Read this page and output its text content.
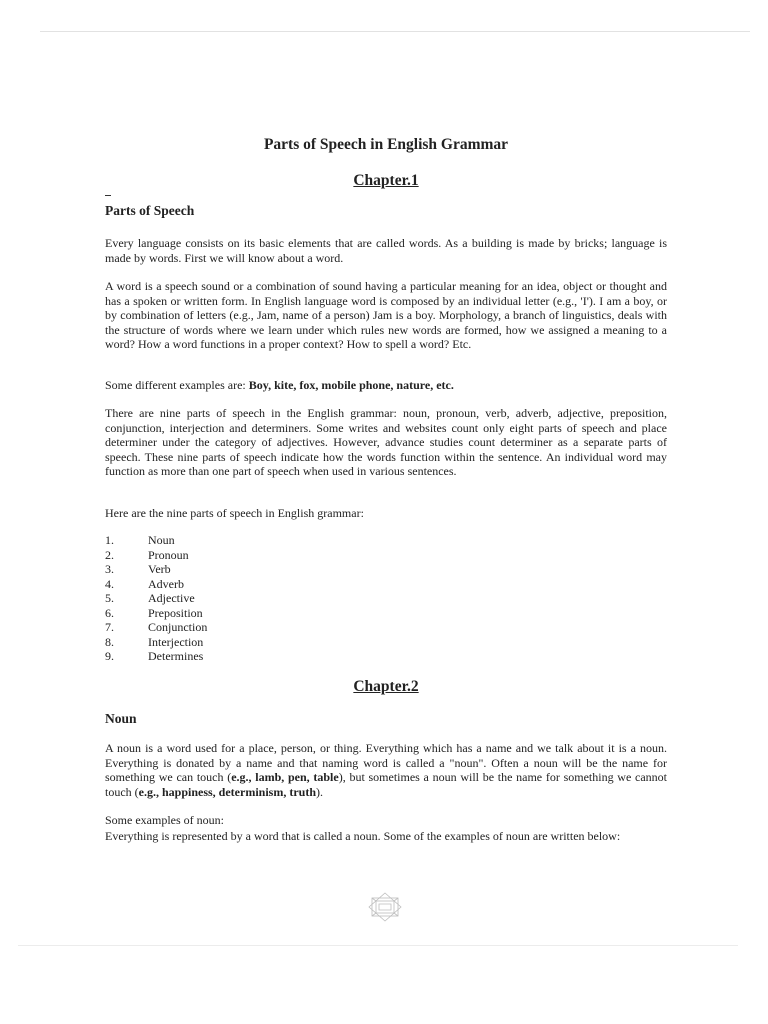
Parts of Speech in English Grammar
Chapter.1
Parts of Speech

Every language consists on its basic elements that are called words. As a building is made by bricks; language is made by words. First we will know about a word.

A word is a speech sound or a combination of sound having a particular meaning for an idea, object or thought and has a spoken or written form. In English language word is composed by an individual letter (e.g., 'I'). I am a boy, or by combination of letters (e.g., Jam, name of a person) Jam is a boy. Morphology, a branch of linguistics, deals with the structure of words where we learn under which rules new words are formed, how we assigned a meaning to a word? How a word functions in a proper context? How to spell a word? Etc.

Some different examples are: Boy, kite, fox, mobile phone, nature, etc.

There are nine parts of speech in the English grammar: noun, pronoun, verb, adverb, adjective, preposition, conjunction, interjection and determiners. Some writes and websites count only eight parts of speech and place determiner under the category of adjectives. However, advance studies count determiner as a separate parts of speech. These nine parts of speech indicate how the words function within the sentence. An individual word may function as more than one part of speech when used in various sentences.

Here are the nine parts of speech in English grammar:

1.	Noun
2.	Pronoun
3.	Verb
4.	Adverb
5.	Adjective
6.	Preposition
7.	Conjunction
8.	Interjection
9.	Determines
Chapter.2
Noun

A noun is a word used for a place, person, or thing. Everything which has a name and we talk about it is a noun. Everything is donated by a name and that naming word is called a "noun". Often a noun will be the name for something we can touch (e.g., lamb, pen, table), but sometimes a noun will be the name for something we cannot touch (e.g., happiness, determinism, truth).

Some examples of noun:

Everything is represented by a word that is called a noun. Some of the examples of noun are written below:
